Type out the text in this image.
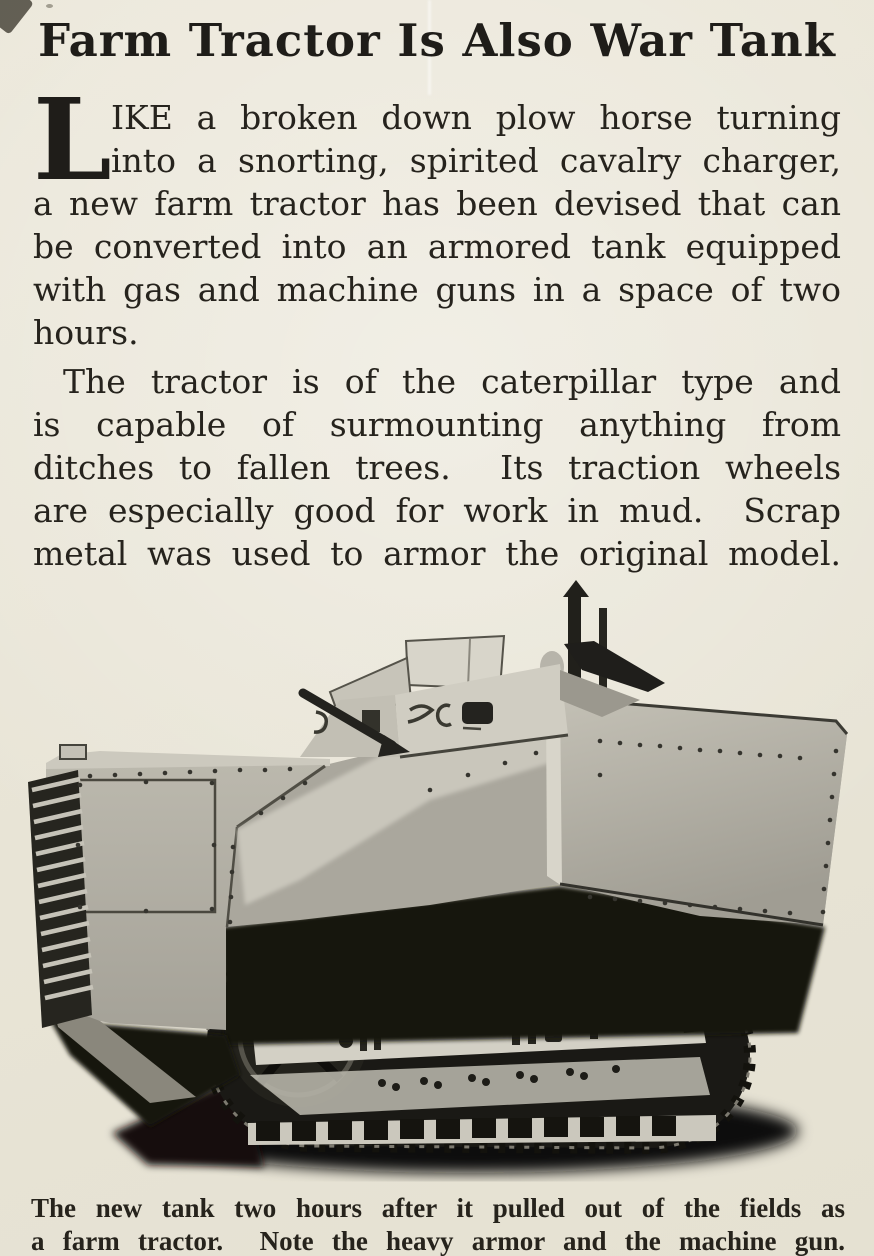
Farm Tractor Is Also War Tank
L IKE a broken down plow horse turning
into a snorting, spirited cavalry charger,
a new farm tractor has been devised that can
be converted into an armored tank equipped
with gas and machine guns in a space of two
hours.
The tractor is of the caterpillar type and
is capable of surmounting anything from
ditches to fallen trees.  Its traction wheels
are especially good for work in mud.  Scrap
metal was used to armor the original model.
The new tank two hours after it pulled out of the fields as
a farm tractor.  Note the heavy armor and the machine gun.
